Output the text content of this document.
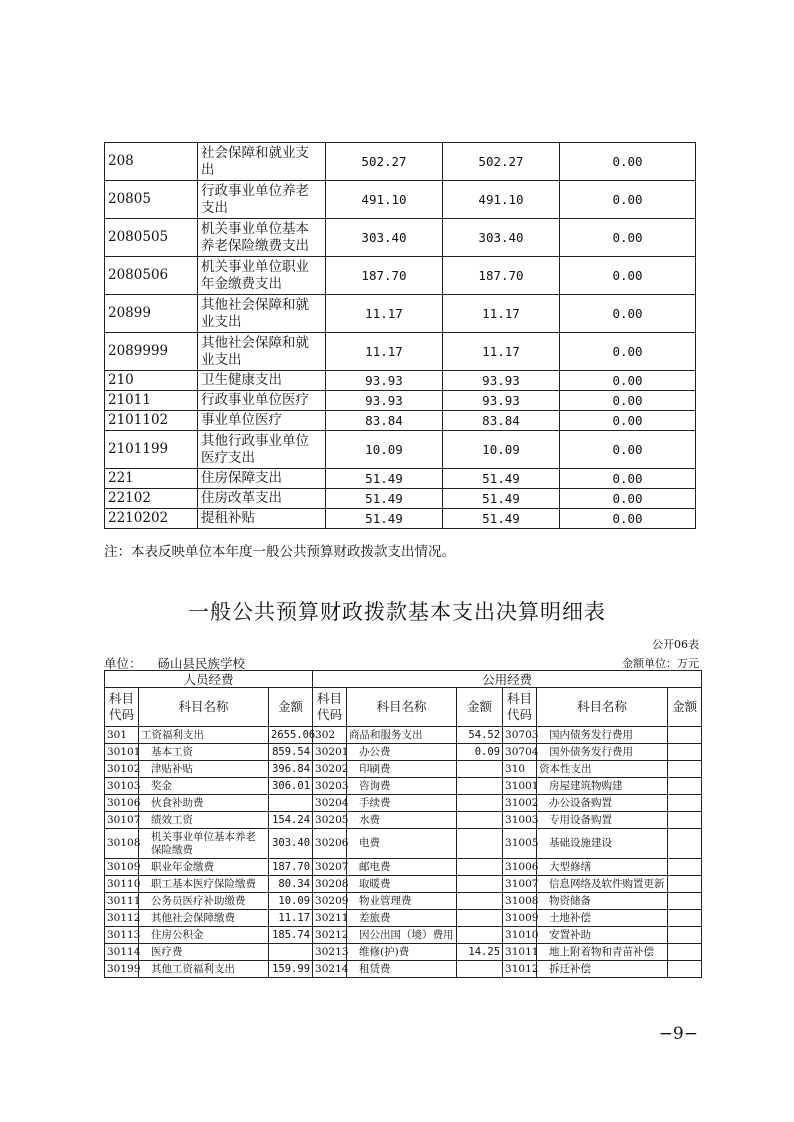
208	社会保障和就业支出	502.27	502.27	0.00
20805	行政事业单位养老支出	491.10	491.10	0.00
2080505	机关事业单位基本养老保险缴费支出	303.40	303.40	0.00
2080506	机关事业单位职业年金缴费支出	187.70	187.70	0.00
20899	其他社会保障和就业支出	11.17	11.17	0.00
2089999	其他社会保障和就业支出	11.17	11.17	0.00
210	卫生健康支出	93.93	93.93	0.00
21011	行政事业单位医疗	93.93	93.93	0.00
2101102	事业单位医疗	83.84	83.84	0.00
2101199	其他行政事业单位医疗支出	10.09	10.09	0.00
221	住房保障支出	51.49	51.49	0.00
22102	住房改革支出	51.49	51.49	0.00
2210202	提租补贴	51.49	51.49	0.00
注：本表反映单位本年度一般公共预算财政拨款支出情况。
一般公共预算财政拨款基本支出决算明细表
公开06表
单位： 砀山县民族学校	金额单位：万元
人员经费			公用经费					
科目代码	科目名称	金额	科目代码	科目名称	金额	科目代码	科目名称	金额
301	工资福利支出	2655.06	302	商品和服务支出	54.52	30703	国内债务发行费用	
30101	基本工资	859.54	30201	办公费	0.09	30704	国外债务发行费用	
30102	津贴补贴	396.84	30202	印刷费		310	资本性支出	
30103	奖金	306.01	30203	咨询费		31001	房屋建筑物购建	
30106	伙食补助费		30204	手续费		31002	办公设备购置	
30107	绩效工资	154.24	30205	水费		31003	专用设备购置	
30108	机关事业单位基本养老保险缴费	303.40	30206	电费		31005	基础设施建设	
30109	职业年金缴费	187.70	30207	邮电费		31006	大型修缮	
30110	职工基本医疗保险缴费	80.34	30208	取暖费		31007	信息网络及软件购置更新	
30111	公务员医疗补助缴费	10.09	30209	物业管理费		31008	物资储备	
30112	其他社会保障缴费	11.17	30211	差旅费		31009	土地补偿	
30113	住房公积金	185.74	30212	因公出国（境）费用		31010	安置补助	
30114	医疗费		30213	维修(护)费	14.25	31011	地上附着物和青苗补偿	
30199	其他工资福利支出	159.99	30214	租赁费		31012	拆迁补偿	
−9−
